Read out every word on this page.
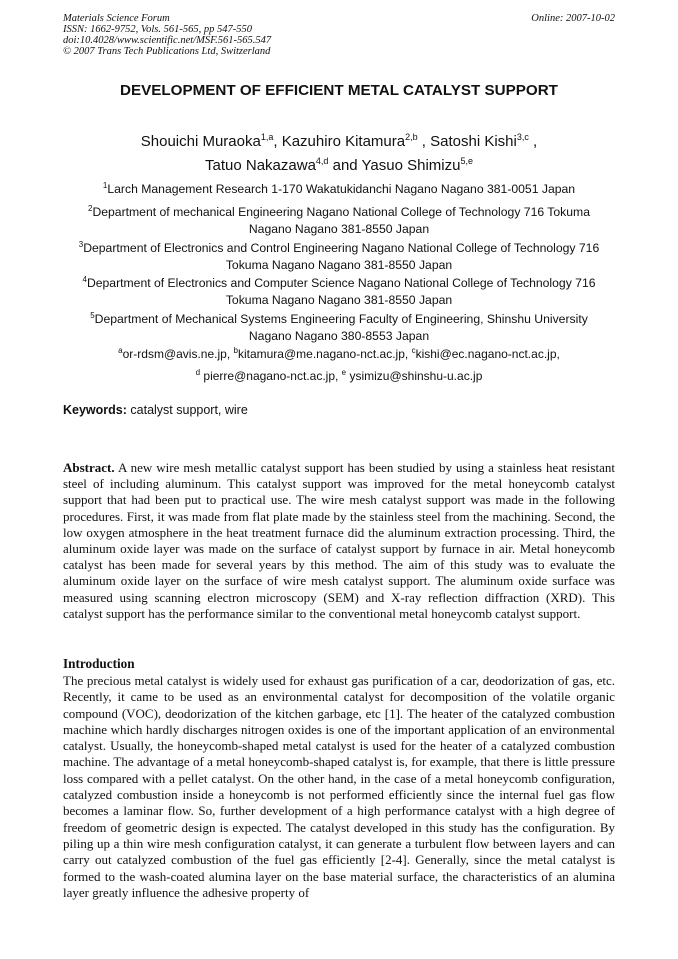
Materials Science Forum
ISSN: 1662-9752, Vols. 561-565, pp 547-550
doi:10.4028/www.scientific.net/MSF.561-565.547
© 2007 Trans Tech Publications Ltd, Switzerland
Online: 2007-10-02
DEVELOPMENT OF EFFICIENT METAL CATALYST SUPPORT
Shouichi Muraoka$^{1,a}$, Kazuhiro Kitamura$^{2,b}$ , Satoshi Kishi$^{3,c}$ ,
Tatuo Nakazawa$^{4,d}$ and Yasuo Shimizu$^{5,e}$
$^1$Larch Management Research 1-170 Wakatukidanchi Nagano Nagano 381-0051 Japan
$^2$Department of mechanical Engineering Nagano National College of Technology 716 Tokuma
Nagano Nagano 381-8550 Japan
$^3$Department of Electronics and Control Engineering Nagano National College of Technology 716
Tokuma Nagano Nagano 381-8550 Japan
$^4$Department of Electronics and Computer Science Nagano National College of Technology 716
Tokuma Nagano Nagano 381-8550 Japan
$^5$Department of Mechanical Systems Engineering Faculty of Engineering, Shinshu University
Nagano Nagano 380-8553 Japan
$^a$or-rdsm@avis.ne.jp, $^b$kitamura@me.nagano-nct.ac.jp, $^c$kishi@ec.nagano-nct.ac.jp,
$^d$ pierre@nagano-nct.ac.jp, $^e$ ysimizu@shinshu-u.ac.jp
Keywords: catalyst support, wire

Abstract. A new wire mesh metallic catalyst support has been studied by using a stainless heat resistant steel of including aluminum. This catalyst support was improved for the metal honeycomb catalyst support that had been put to practical use. The wire mesh catalyst support was made in the following procedures. First, it was made from flat plate made by the stainless steel from the machining. Second, the low oxygen atmosphere in the heat treatment furnace did the aluminum extraction processing. Third, the aluminum oxide layer was made on the surface of catalyst support by furnace in air. Metal honeycomb catalyst has been made for several years by this method. The aim of this study was to evaluate the aluminum oxide layer on the surface of wire mesh catalyst support. The aluminum oxide surface was measured using scanning electron microscopy (SEM) and X-ray reflection diffraction (XRD). This catalyst support has the performance similar to the conventional metal honeycomb catalyst support.

Introduction

The precious metal catalyst is widely used for exhaust gas purification of a car, deodorization of gas, etc. Recently, it came to be used as an environmental catalyst for decomposition of the volatile organic compound (VOC), deodorization of the kitchen garbage, etc [1]. The heater of the catalyzed combustion machine which hardly discharges nitrogen oxides is one of the important application of an environmental catalyst. Usually, the honeycomb-shaped metal catalyst is used for the heater of a catalyzed combustion machine. The advantage of a metal honeycomb-shaped catalyst is, for example, that there is little pressure loss compared with a pellet catalyst. On the other hand, in the case of a metal honeycomb configuration, catalyzed combustion inside a honeycomb is not performed efficiently since the internal fuel gas flow becomes a laminar flow. So, further development of a high performance catalyst with a high degree of freedom of geometric design is expected. The catalyst developed in this study has the configuration. By piling up a thin wire mesh configuration catalyst, it can generate a turbulent flow between layers and can carry out catalyzed combustion of the fuel gas efficiently [2-4]. Generally, since the metal catalyst is formed to the wash-coated alumina layer on the base material surface, the characteristics of an alumina layer greatly influence the adhesive property of
